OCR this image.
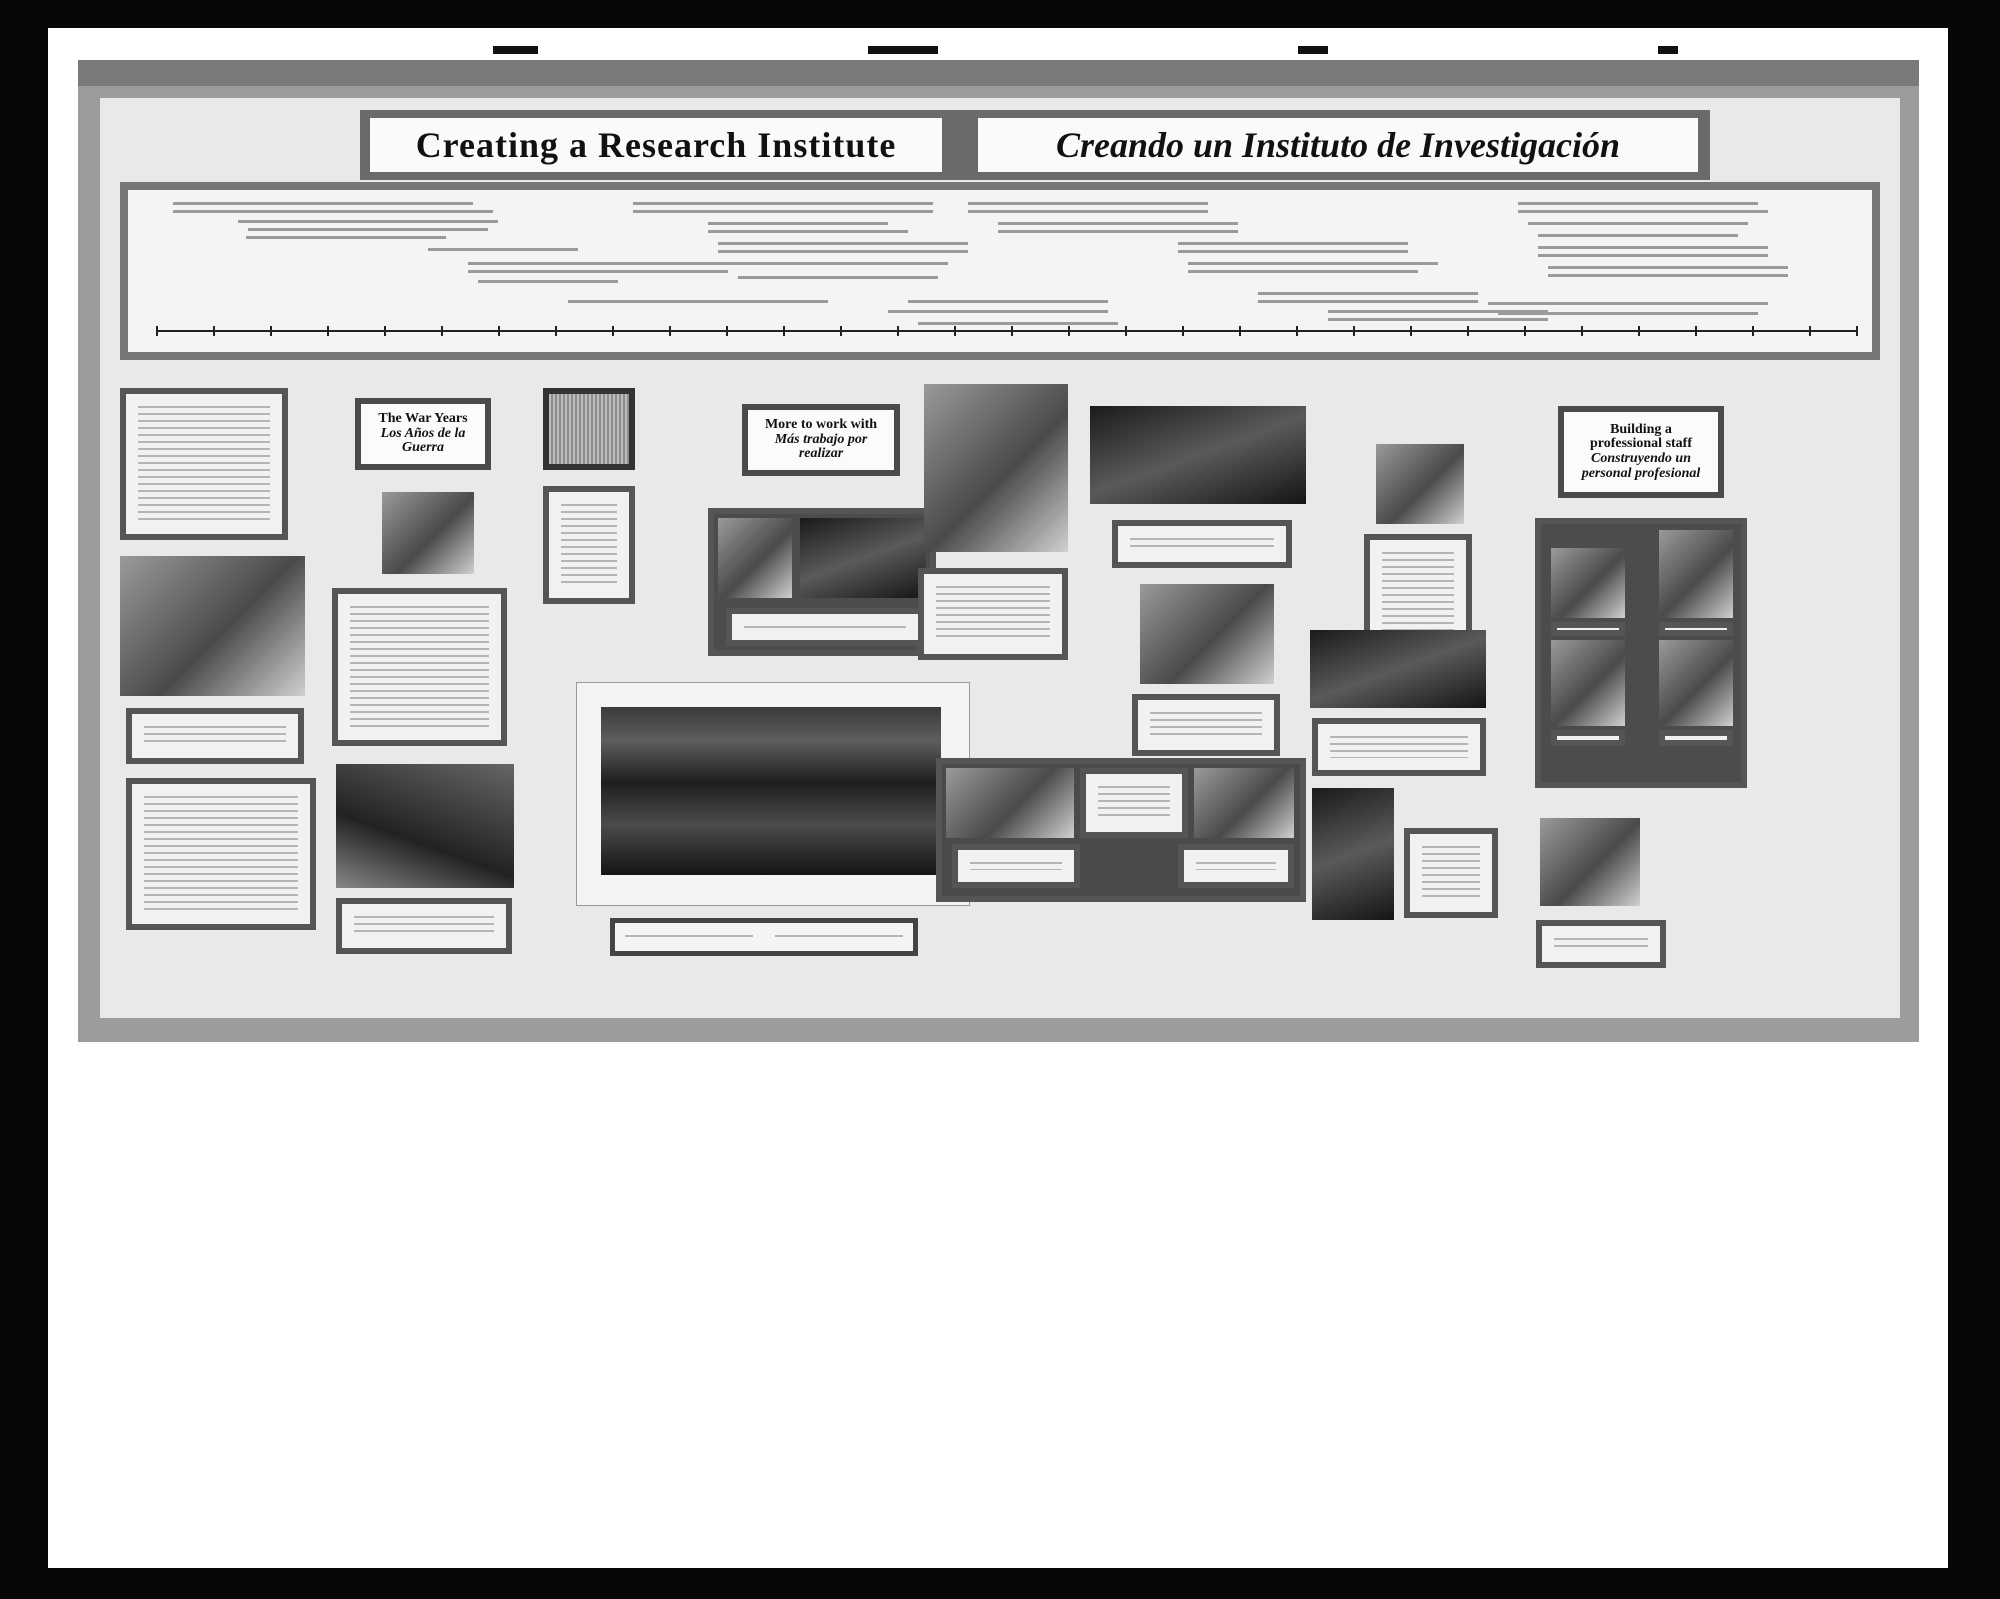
Creating a Research Institute	Creando un Instituto de Investigación
The War Years
Los Años de la
Guerra
More to work with
Más trabajo por
realizar
Building a
professional staff
Construyendo un
personal profesional
